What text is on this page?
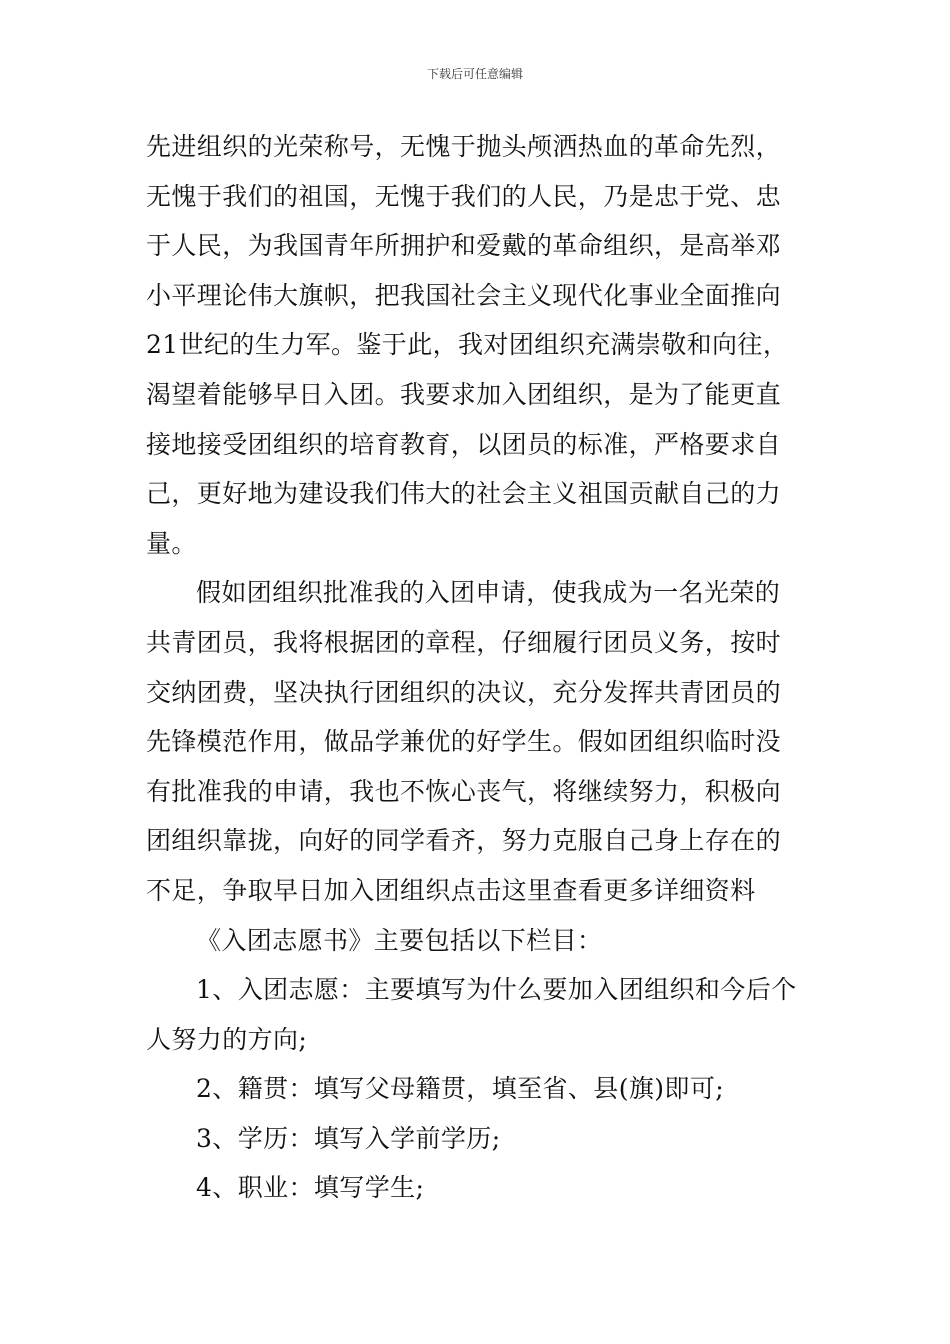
下载后可任意编辑
先进组织的光荣称号，无愧于抛头颅洒热血的革命先烈，
无愧于我们的祖国，无愧于我们的人民，乃是忠于党、忠
于人民，为我国青年所拥护和爱戴的革命组织，是高举邓
小平理论伟大旗帜，把我国社会主义现代化事业全面推向
21世纪的生力军。鉴于此，我对团组织充满崇敬和向往，
渴望着能够早日入团。我要求加入团组织，是为了能更直
接地接受团组织的培育教育，以团员的标准，严格要求自
己，更好地为建设我们伟大的社会主义祖国贡献自己的力
量。
假如团组织批准我的入团申请，使我成为一名光荣的
共青团员，我将根据团的章程，仔细履行团员义务，按时
交纳团费，坚决执行团组织的决议，充分发挥共青团员的
先锋模范作用，做品学兼优的好学生。假如团组织临时没
有批准我的申请，我也不恢心丧气，将继续努力，积极向
团组织靠拢，向好的同学看齐，努力克服自己身上存在的
不足，争取早日加入团组织点击这里查看更多详细资料
《入团志愿书》主要包括以下栏目：
1、入团志愿：主要填写为什么要加入团组织和今后个
人努力的方向;
2、籍贯：填写父母籍贯，填至省、县(旗)即可;
3、学历：填写入学前学历;
4、职业：填写学生;
